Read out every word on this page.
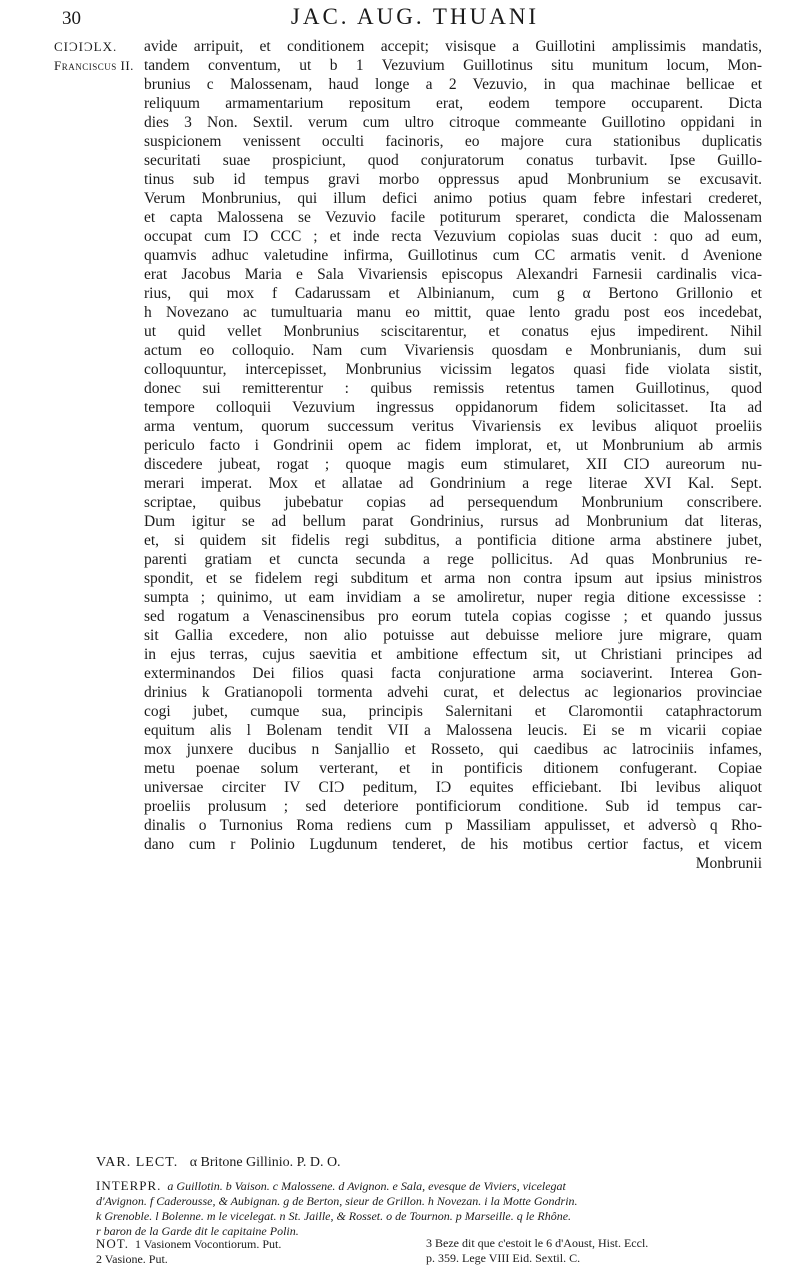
30	JAC. AUG. THUANI
CIƆIƆLX.
Franciscus II.
avide arripuit, et conditionem accepit; visisque a Guillotini amplissimis mandatis,
tandem conventum, ut b 1 Vezuvium Guillotinus situ munitum locum, Mon-
brunius c Malossenam, haud longe a 2 Vezuvio, in qua machinae bellicae et
reliquum armamentarium repositum erat, eodem tempore occuparent. Dicta
dies 3 Non. Sextil. verum cum ultro citroque commeante Guillotino oppidani in
suspicionem venissent occulti facinoris, eo majore cura stationibus duplicatis
securitati suae prospiciunt, quod conjuratorum conatus turbavit. Ipse Guillo-
tinus sub id tempus gravi morbo oppressus apud Monbrunium se excusavit.
Verum Monbrunius, qui illum defici animo potius quam febre infestari crederet,
et capta Malossena se Vezuvio facile potiturum speraret, condicta die Malossenam
occupat cum IƆ CCC ; et inde recta Vezuvium copiolas suas ducit : quo ad eum,
quamvis adhuc valetudine infirma, Guillotinus cum CC armatis venit. d Avenione
erat Jacobus Maria e Sala Vivariensis episcopus Alexandri Farnesii cardinalis vica-
rius, qui mox f Cadarussam et Albinianum, cum g α Bertono Grillonio et
h Novezano ac tumultuaria manu eo mittit, quae lento gradu post eos incedebat,
ut quid vellet Monbrunius sciscitarentur, et conatus ejus impedirent. Nihil
actum eo colloquio. Nam cum Vivariensis quosdam e Monbrunianis, dum sui
colloquuntur, intercepisset, Monbrunius vicissim legatos quasi fide violata sistit,
donec sui remitterentur : quibus remissis retentus tamen Guillotinus, quod
tempore colloquii Vezuvium ingressus oppidanorum fidem solicitasset. Ita ad
arma ventum, quorum successum veritus Vivariensis ex levibus aliquot proeliis
periculo facto i Gondrinii opem ac fidem implorat, et, ut Monbrunium ab armis
discedere jubeat, rogat ; quoque magis eum stimularet, XII CIƆ aureorum nu-
merari imperat. Mox et allatae ad Gondrinium a rege literae XVI Kal. Sept.
scriptae, quibus jubebatur copias ad persequendum Monbrunium conscribere.
Dum igitur se ad bellum parat Gondrinius, rursus ad Monbrunium dat literas,
et, si quidem sit fidelis regi subditus, a pontificia ditione arma abstinere jubet,
parenti gratiam et cuncta secunda a rege pollicitus. Ad quas Monbrunius re-
spondit, et se fidelem regi subditum et arma non contra ipsum aut ipsius ministros
sumpta ; quinimo, ut eam invidiam a se amoliretur, nuper regia ditione excessisse :
sed rogatum a Venascinensibus pro eorum tutela copias cogisse ; et quando jussus
sit Gallia excedere, non alio potuisse aut debuisse meliore jure migrare, quam
in ejus terras, cujus saevitia et ambitione effectum sit, ut Christiani principes ad
exterminandos Dei filios quasi facta conjuratione arma sociaverint. Interea Gon-
drinius k Gratianopoli tormenta advehi curat, et delectus ac legionarios provinciae
cogi jubet, cumque sua, principis Salernitani et Claromontii cataphractorum
equitum alis l Bolenam tendit VII a Malossena leucis. Ei se m vicarii copiae
mox junxere ducibus n Sanjallio et Rosseto, qui caedibus ac latrociniis infames,
metu poenae solum verterant, et in pontificis ditionem confugerant. Copiae
universae circiter IV CIƆ peditum, IƆ equites efficiebant. Ibi levibus aliquot
proeliis prolusum ; sed deteriore pontificiorum conditione. Sub id tempus car-
dinalis o Turnonius Roma rediens cum p Massiliam appulisset, et adversò q Rho-
dano cum r Polinio Lugdunum tenderet, de his motibus certior factus, et vicem
Monbrunii
VAR. LECT. α Britone Gillinio. P. D. O.
INTERPR. a Guillotin. b Vaison. c Malossene. d Avignon. e Sala, evesque de Viviers, vicelegat
d'Avignon. f Caderousse, & Aubignan. g de Berton, sieur de Grillon. h Novezan. i la Motte Gondrin.
k Grenoble. l Bolenne. m le vicelegat. n St. Jaille, & Rosset. o de Tournon. p Marseille. q le Rhône.
r baron de la Garde dit le capitaine Polin.
NOT. 1 Vasionem Vocontiorum. Put.
2 Vasione. Put.
3 Beze dit que c'estoit le 6 d'Aoust, Hist. Eccl.
p. 359. Lege VIII Eid. Sextil. C.
